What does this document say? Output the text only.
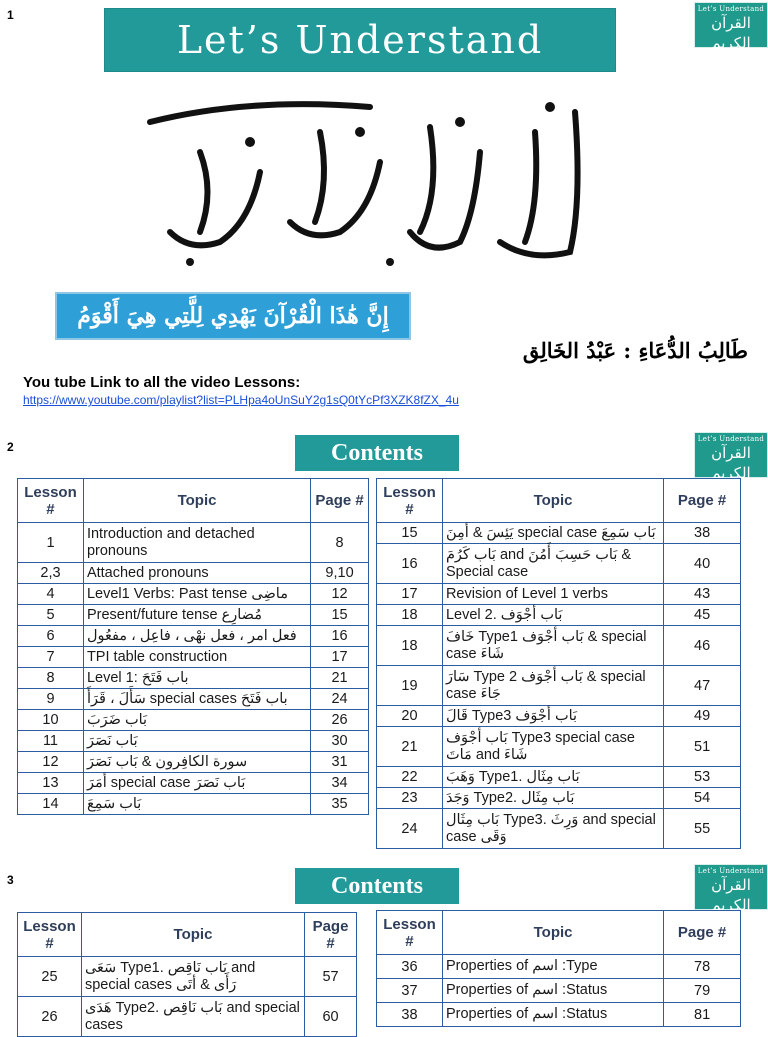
1
2
3
Let’s Understand
Let’s Understand
القرآن الكريم
إِنَّ هَٰذَا الْقُرْآنَ يَهْدِي لِلَّتِي هِيَ أَقْوَمُ
طَالِبُ الدُّعَاءِ : عَبْدُ الخَالِق
You tube Link to all the video Lessons:
https://www.youtube.com/playlist?list=PLHpa4oUnSuY2g1sQ0tYcPf3XZK8fZX_4u
Contents
Let’s Understand
القرآن الكريم
Lesson #	Topic	Page #
1	Introduction and detached pronouns	8
2,3	Attached pronouns	9,10
4	Level1 Verbs: Past tense ماضِی	12
5	Present/future tense مُضارِع	15
6	فعل امر ، فعل نهْی ، فاعِل ، مفعُول	16
7	TPI table construction	17
8	Level 1: باب فَتَحَ	21
9	سَأَلَ ، قَرَأَ special cases باب فَتَحَ	24
10	بَاب ضَرَبَ	26
11	بَاب نَصَرَ	30
12	سورة الكافِرون & بَاب نَصَرَ	31
13	أمَرَ special case بَاب نَصَرَ	34
14	بَاب سَمِعَ	35
Lesson #	Topic	Page #
15	يَئِسَ & أمِنَ special case بَاب سَمِعَ	38
16	بَاب كَرُمَ and بَاب حَسِبَ أَمُنَ & Special case	40
17	Revision of Level 1 verbs	43
18	Level 2. بَاب أجْوَف	45
18	خَافَ Type1 بَاب أجْوَف & special case شَاءَ	46
19	سَارَ Type 2 بَاب أجْوَف & special case جَاءَ	47
20	قَالَ Type3 بَاب أجْوَف	49
21	بَاب أجْوَف Type3 special case مَاتَ and شَاءَ	51
22	وَهَبَ Type1. بَاب مِثَال	53
23	وَجَدَ Type2. بَاب مِثَال	54
24	بَاب مِثَال Type3. وَرِثَ and special case وَقَى	55
Contents
Let’s Understand
القرآن الكريم
Lesson #	Topic	Page #
25	سَعَى Type1. بَاب نَاقِص and special cases رَأَى & أتَى	57
26	هَدَى Type2. بَاب نَاقِص and special cases	60
Lesson #	Topic	Page #
36	Properties of اسم :Type	78
37	Properties of اسم :Status	79
38	Properties of اسم :Status	81
